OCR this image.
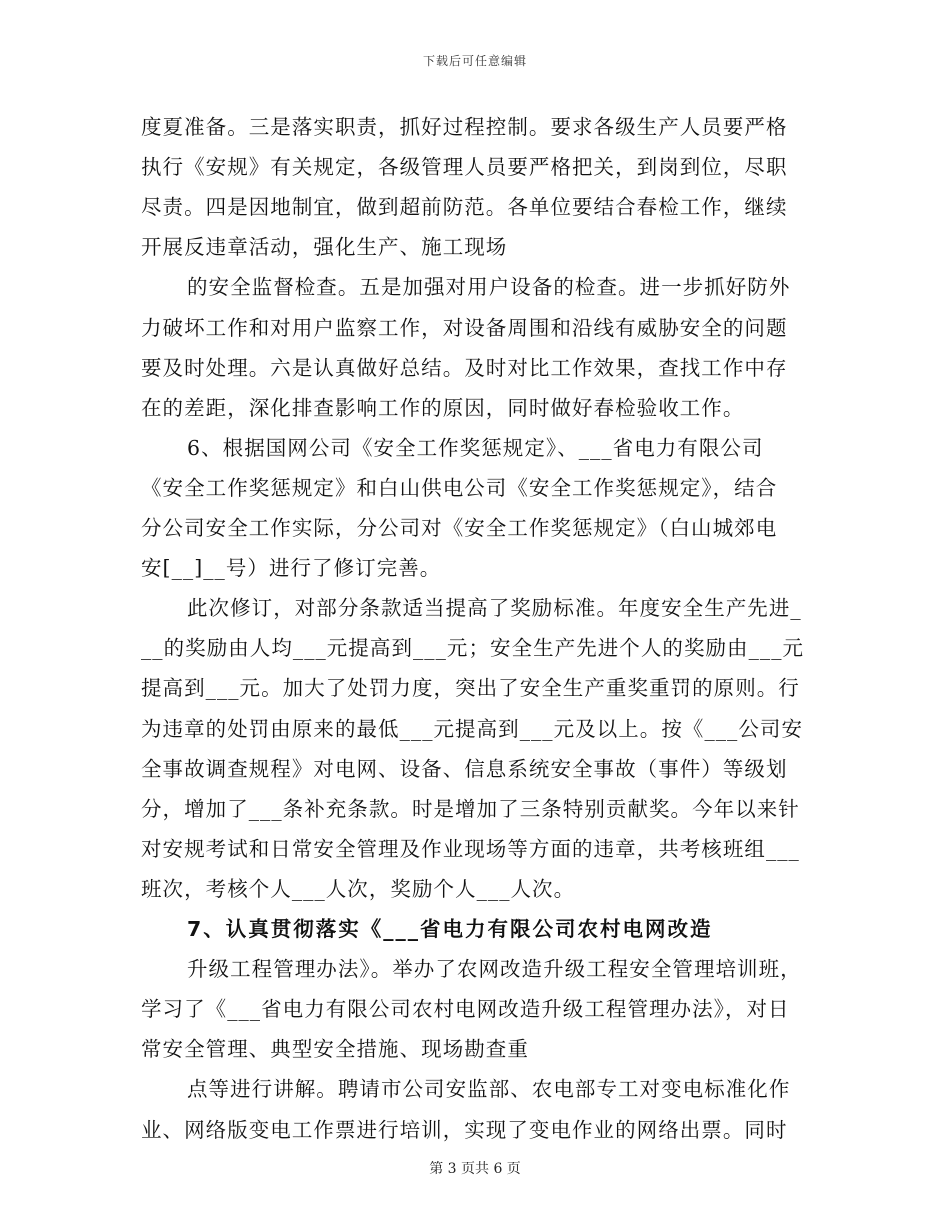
下载后可任意编辑
度夏准备。三是落实职责，抓好过程控制。要求各级生产人员要严格
执行《安规》有关规定，各级管理人员要严格把关，到岗到位，尽职
尽责。四是因地制宜，做到超前防范。各单位要结合春检工作，继续
开展反违章活动，强化生产、施工现场
的安全监督检查。五是加强对用户设备的检查。进一步抓好防外
力破坏工作和对用户监察工作，对设备周围和沿线有威胁安全的问题
要及时处理。六是认真做好总结。及时对比工作效果，查找工作中存
在的差距，深化排查影响工作的原因，同时做好春检验收工作。
6、根据国网公司《安全工作奖惩规定》、___省电力有限公司
《安全工作奖惩规定》和白山供电公司《安全工作奖惩规定》，结合
分公司安全工作实际，分公司对《安全工作奖惩规定》（白山城郊电
安[__]__号）进行了修订完善。
此次修订，对部分条款适当提高了奖励标准。年度安全生产先进_
__的奖励由人均___元提高到___元；安全生产先进个人的奖励由___元
提高到___元。加大了处罚力度，突出了安全生产重奖重罚的原则。行
为违章的处罚由原来的最低___元提高到___元及以上。按《___公司安
全事故调查规程》对电网、设备、信息系统安全事故（事件）等级划
分，增加了___条补充条款。时是增加了三条特别贡献奖。今年以来针
对安规考试和日常安全管理及作业现场等方面的违章，共考核班组___
班次，考核个人___人次，奖励个人___人次。
7、认真贯彻落实《___省电力有限公司农村电网改造
升级工程管理办法》。举办了农网改造升级工程安全管理培训班，
学习了《___省电力有限公司农村电网改造升级工程管理办法》，对日
常安全管理、典型安全措施、现场勘查重
点等进行讲解。聘请市公司安监部、农电部专工对变电标准化作
业、网络版变电工作票进行培训，实现了变电作业的网络出票。同时
第 3 页共 6 页
